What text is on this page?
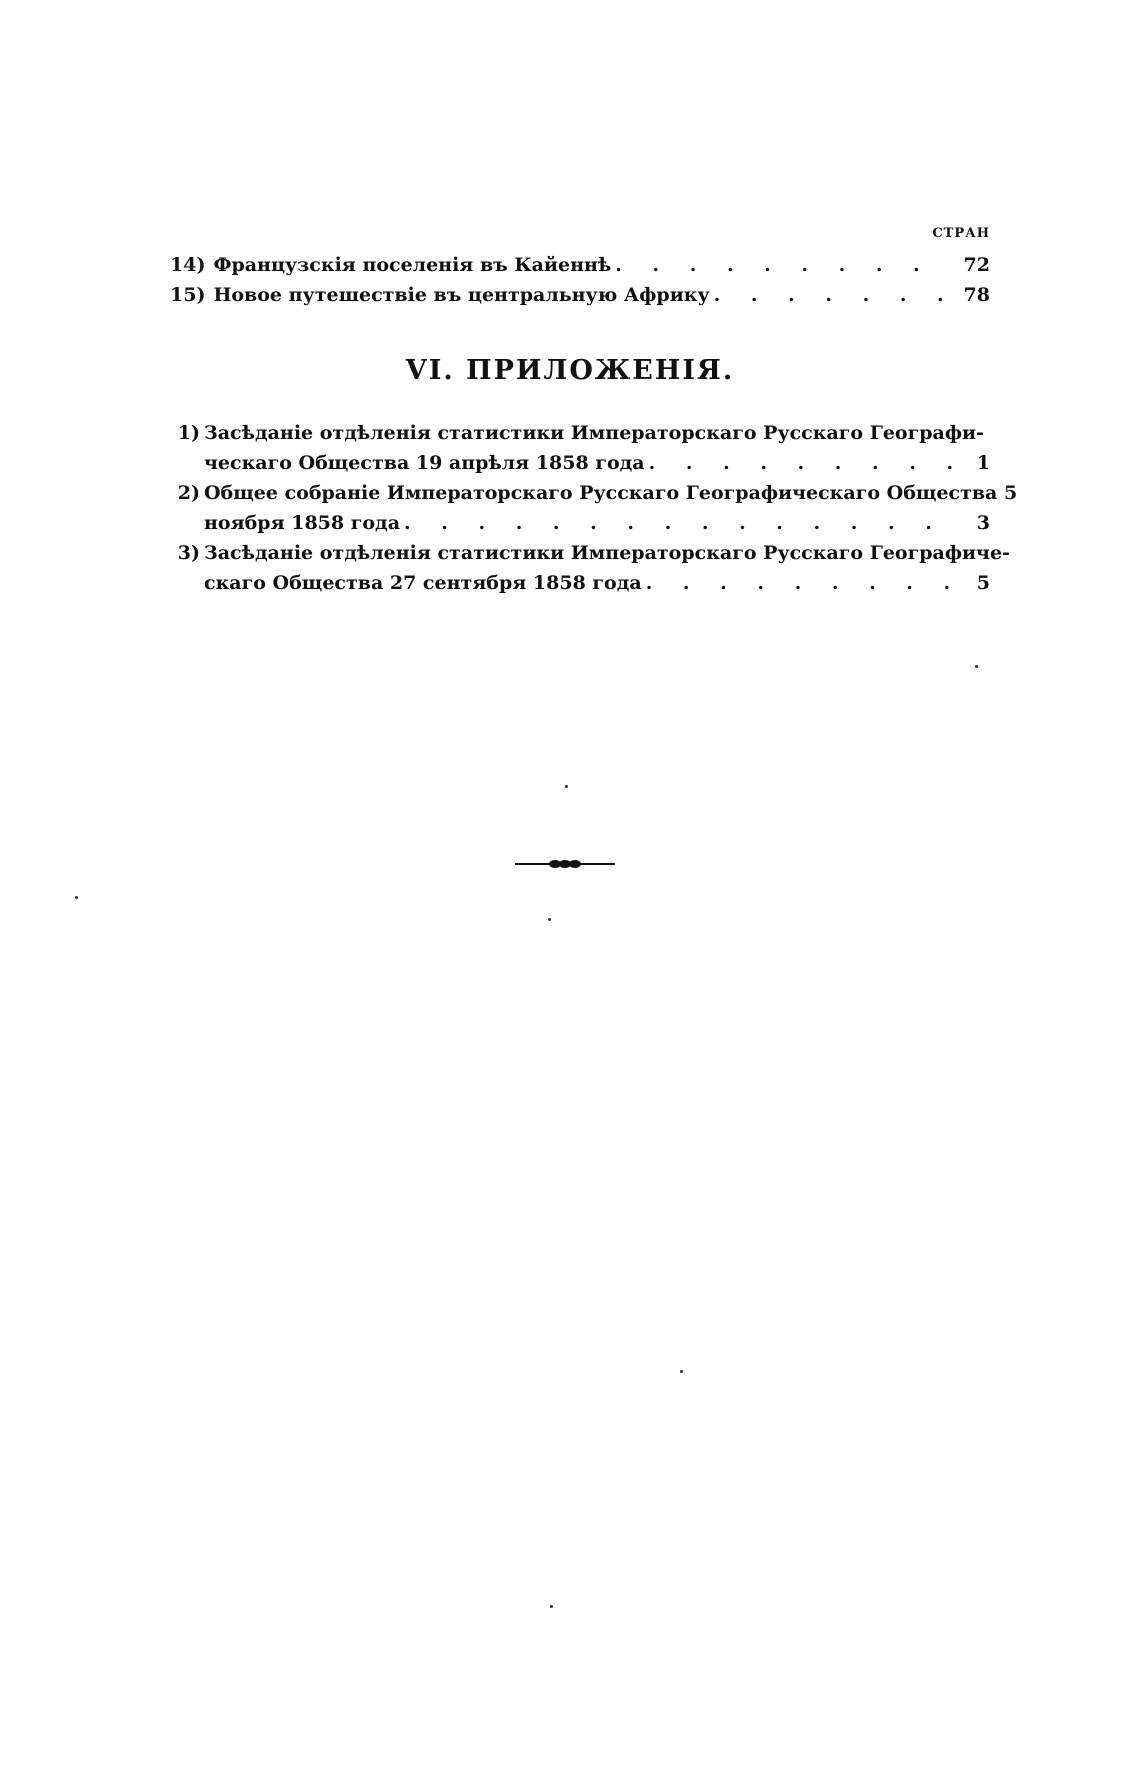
СТРАН
14) Французскія поселенія въ Кайеннѣ . . .	72
15) Новое путешествіе въ центральную Африку . . .	78
VI. ПРИЛОЖЕНІЯ.
1) Засѣданіе отдѣленія статистики Императорскаго Русскаго Географи-
ческаго Общества 19 апрѣля 1858 года . . .	1
2) Общее собраніе Императорскаго Русскаго Географическаго Общества 5
ноября 1858 года . . .	3
3) Засѣданіе отдѣленія статистики Императорскаго Русскаго Географиче-
скаго Общества 27 сентября 1858 года . . .	5
